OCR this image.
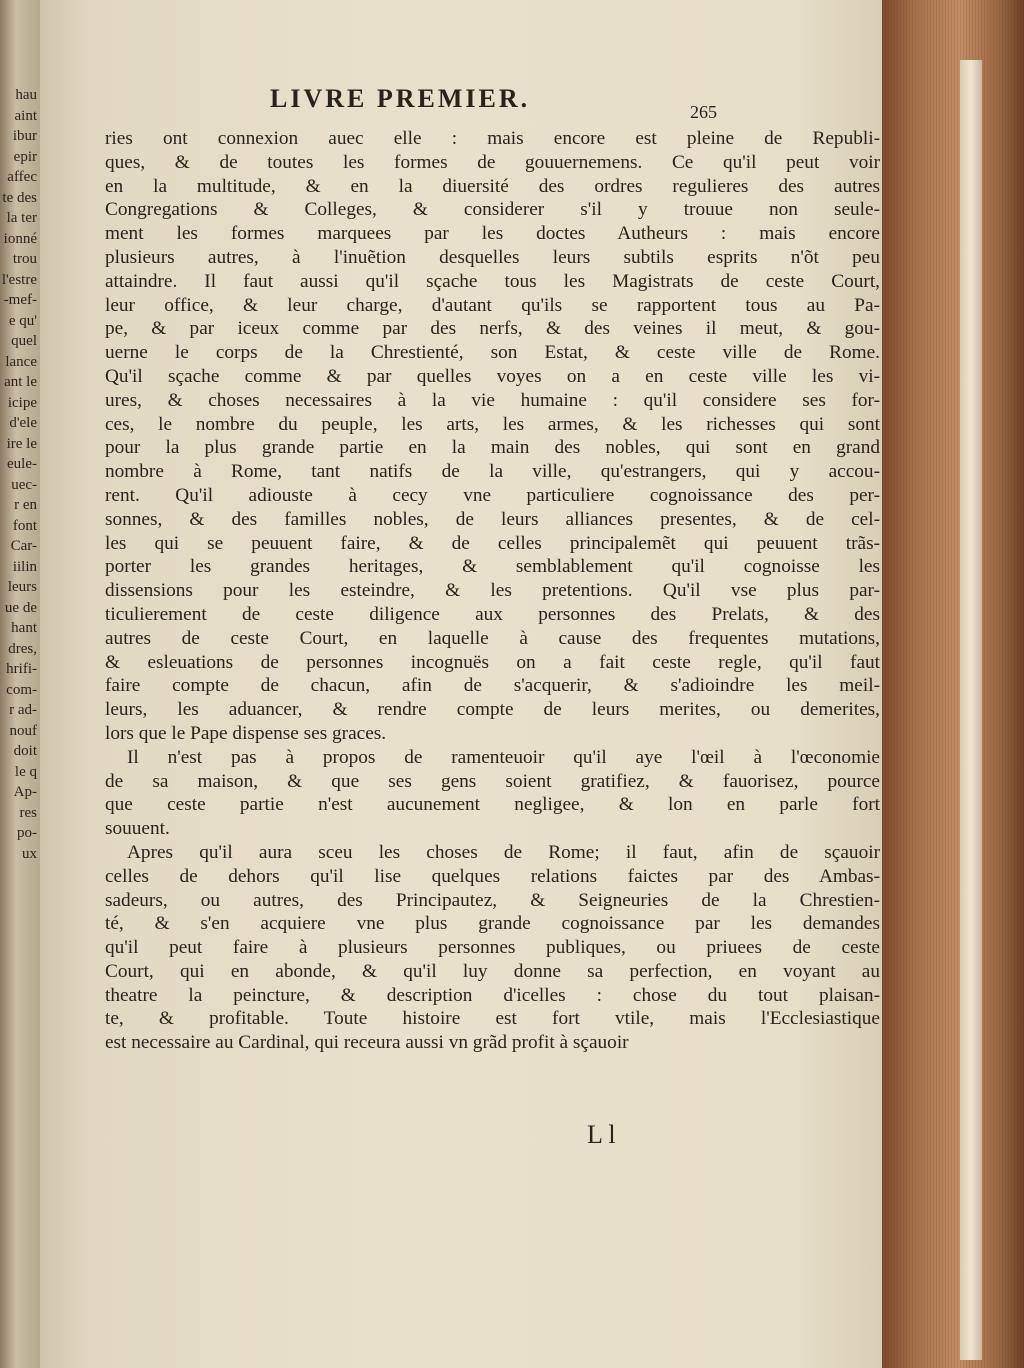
hau
aint
ibur
epir
affec
te des
la ter
ionné
trou
l'estre
-mef-
e qu'
quel
lance
ant le
icipe
d'ele
ire le
eule-
uec-
r en
font
Car-
iilin
leurs
ue de
hant
dres,
hrifi-
com-
r ad-
nouf
doit
le q
Ap-
res
po-
ux
LIVRE PREMIER.	265
ries ont connexion auec elle : mais encore est pleine de Republi-
ques, & de toutes les formes de gouuernemens. Ce qu'il peut voir
en la multitude, & en la diuersité des ordres regulieres des autres
Congregations & Colleges, & considerer s'il y trouue non seule-
ment les formes marquees par les doctes Autheurs : mais encore
plusieurs autres, à l'inuẽtion desquelles leurs subtils esprits n'õt peu
attaindre. Il faut aussi qu'il sçache tous les Magistrats de ceste Court,
leur office, & leur charge, d'autant qu'ils se rapportent tous au Pa-
pe, & par iceux comme par des nerfs, & des veines il meut, & gou-
uerne le corps de la Chrestienté, son Estat, & ceste ville de Rome.
Qu'il sçache comme & par quelles voyes on a en ceste ville les vi-
ures, & choses necessaires à la vie humaine : qu'il considere ses for-
ces, le nombre du peuple, les arts, les armes, & les richesses qui sont
pour la plus grande partie en la main des nobles, qui sont en grand
nombre à Rome, tant natifs de la ville, qu'estrangers, qui y accou-
rent. Qu'il adiouste à cecy vne particuliere cognoissance des per-
sonnes, & des familles nobles, de leurs alliances presentes, & de cel-
les qui se peuuent faire, & de celles principalemẽt qui peuuent trãs-
porter les grandes heritages, & semblablement qu'il cognoisse les
dissensions pour les esteindre, & les pretentions. Qu'il vse plus par-
ticulierement de ceste diligence aux personnes des Prelats, & des
autres de ceste Court, en laquelle à cause des frequentes mutations,
& esleuations de personnes incognuës on a fait ceste regle, qu'il faut
faire compte de chacun, afin de s'acquerir, & s'adioindre les meil-
leurs, les aduancer, & rendre compte de leurs merites, ou demerites,
lors que le Pape dispense ses graces.
Il n'est pas à propos de ramenteuoir qu'il aye l'œil à l'œconomie
de sa maison, & que ses gens soient gratifiez, & fauorisez, pource
que ceste partie n'est aucunement negligee, & lon en parle fort
souuent.
Apres qu'il aura sceu les choses de Rome; il faut, afin de sçauoir
celles de dehors qu'il lise quelques relations faictes par des Ambas-
sadeurs, ou autres, des Principautez, & Seigneuries de la Chrestien-
té, & s'en acquiere vne plus grande cognoissance par les demandes
qu'il peut faire à plusieurs personnes publiques, ou priuees de ceste
Court, qui en abonde, & qu'il luy donne sa perfection, en voyant au
theatre la peincture, & description d'icelles : chose du tout plaisan-
te, & profitable. Toute histoire est fort vtile, mais l'Ecclesiastique
est necessaire au Cardinal, qui receura aussi vn grãd profit à sçauoir
L l
